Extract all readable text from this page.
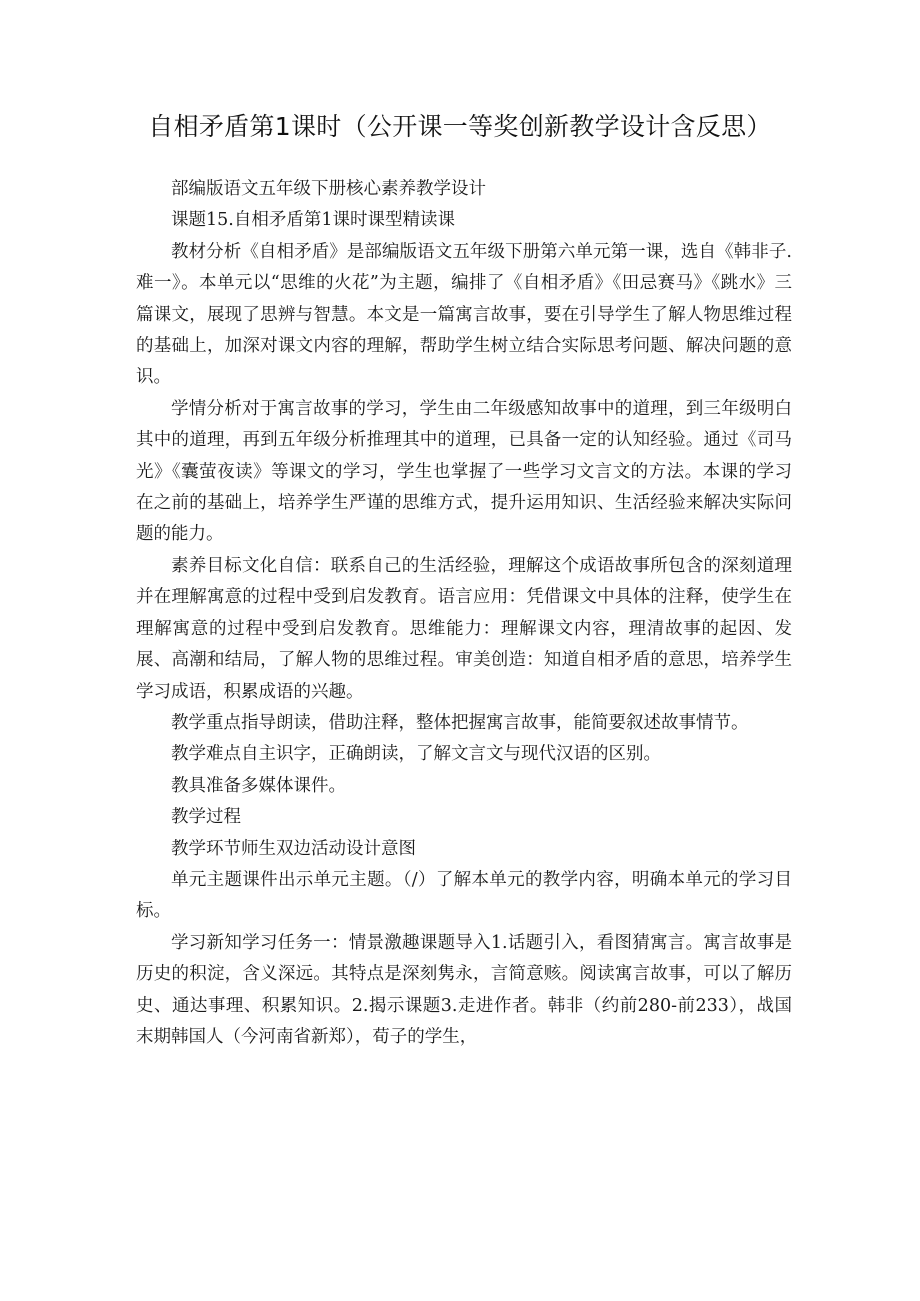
自相矛盾第1课时（公开课一等奖创新教学设计含反思）

部编版语文五年级下册核心素养教学设计

课题15.自相矛盾第1课时课型精读课

教材分析《自相矛盾》是部编版语文五年级下册第六单元第一课，选自《韩非子.难一》。本单元以“思维的火花”为主题，编排了《自相矛盾》《田忌赛马》《跳水》三篇课文，展现了思辨与智慧。本文是一篇寓言故事，要在引导学生了解人物思维过程的基础上，加深对课文内容的理解，帮助学生树立结合实际思考问题、解决问题的意识。

学情分析对于寓言故事的学习，学生由二年级感知故事中的道理，到三年级明白其中的道理，再到五年级分析推理其中的道理，已具备一定的认知经验。通过《司马光》《囊萤夜读》等课文的学习，学生也掌握了一些学习文言文的方法。本课的学习在之前的基础上，培养学生严谨的思维方式，提升运用知识、生活经验来解决实际问题的能力。

素养目标文化自信：联系自己的生活经验，理解这个成语故事所包含的深刻道理并在理解寓意的过程中受到启发教育。语言应用：凭借课文中具体的注释，使学生在理解寓意的过程中受到启发教育。思维能力：理解课文内容，理清故事的起因、发展、高潮和结局，了解人物的思维过程。审美创造：知道自相矛盾的意思，培养学生学习成语，积累成语的兴趣。

教学重点指导朗读，借助注释，整体把握寓言故事，能简要叙述故事情节。

教学难点自主识字，正确朗读，了解文言文与现代汉语的区别。

教具准备多媒体课件。

教学过程

教学环节师生双边活动设计意图

单元主题课件出示单元主题。（/）了解本单元的教学内容，明确本单元的学习目标。

学习新知学习任务一：情景激趣课题导入1.话题引入，看图猜寓言。寓言故事是历史的积淀，含义深远。其特点是深刻隽永，言简意赅。阅读寓言故事，可以了解历史、通达事理、积累知识。2.揭示课题3.走进作者。韩非（约前280-前233），战国末期韩国人（今河南省新郑），荀子的学生，
